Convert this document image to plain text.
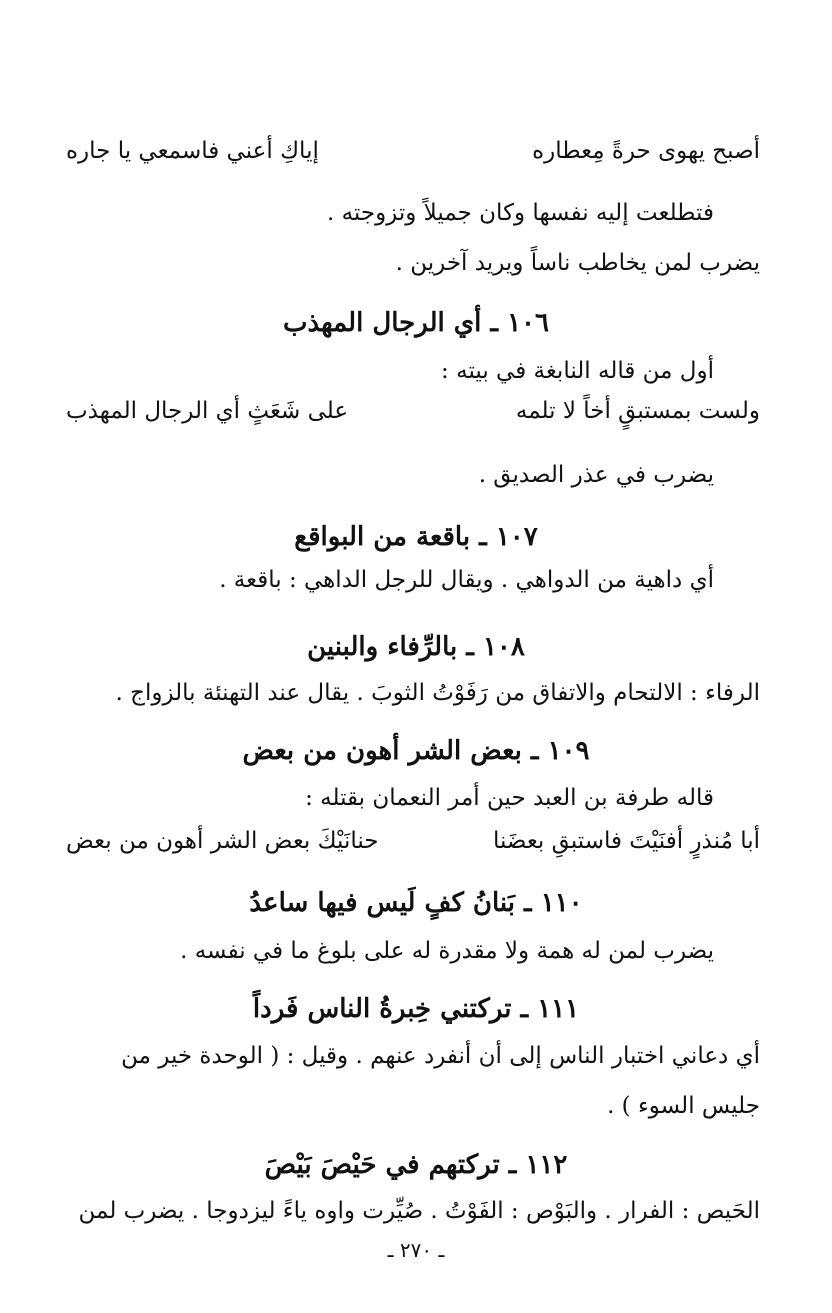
أصبح يهوى حرةً مِعطاره
إياكِ أعني فاسمعي يا جاره
فتطلعت إليه نفسها وكان جميلاً وتزوجته .
يضرب لمن يخاطب ناساً ويريد آخرين .
١٠٦ ـ أي الرجال المهذب
أول من قاله النابغة في بيته :
ولست بمستبقٍ أخاً لا تلمه
على شَعَثٍ أي الرجال المهذب
يضرب في عذر الصديق .
١٠٧ ـ باقعة من البواقع
أي داهية من الدواهي . ويقال للرجل الداهي : باقعة .
١٠٨ ـ بالرِّفاء والبنين
الرفاء : الالتحام والاتفاق من رَفَوْتُ الثوبَ . يقال عند التهنئة بالزواج .
١٠٩ ـ بعض الشر أهون من بعض
قاله طرفة بن العبد حين أمر النعمان بقتله :
أبا مُنذرٍ أفنَيْتَ فاستبقِ بعضَنا
حنانَيْكَ بعض الشر أهون من بعض
١١٠ ـ بَنانُ كفٍ لَيس فيها ساعدُ
يضرب لمن له همة ولا مقدرة له على بلوغ ما في نفسه .
١١١ ـ تركتني خِبرةُ الناس فَرداً
أي دعاني اختبار الناس إلى أن أنفرد عنهم . وقيل : ( الوحدة خير من
جليس السوء ) .
١١٢ ـ تركتهم في حَيْصَ بَيْصَ
الحَيص : الفرار . والبَوْص : الفَوْتُ . صُيِّرت واوه ياءً ليزدوجا . يضرب لمن
ـ ٢٧٠ ـ
